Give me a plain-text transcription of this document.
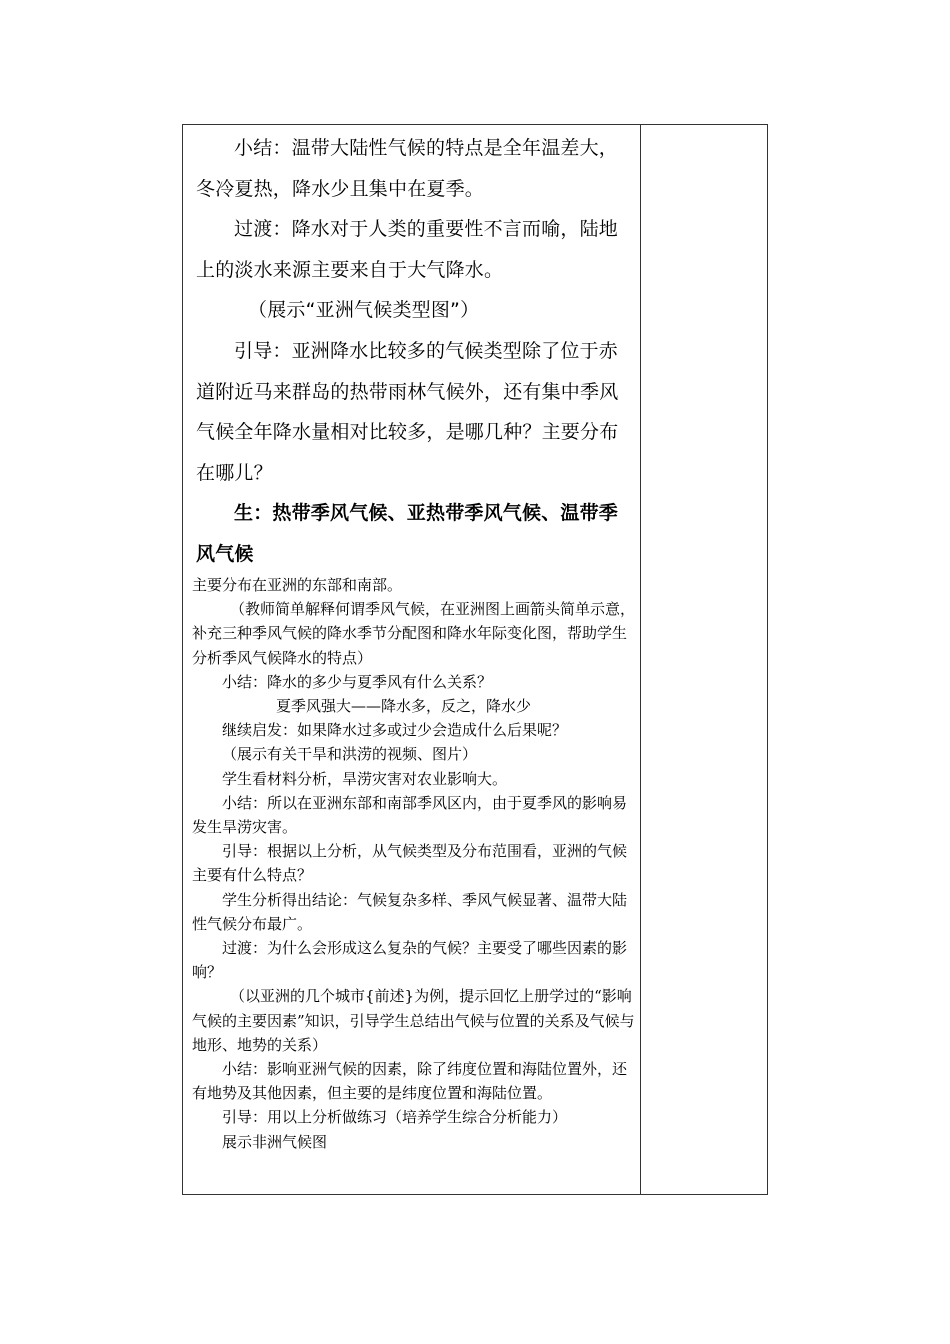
小结：温带大陆性气候的特点是全年温差大，冬冷夏热，降水少且集中在夏季。

过渡：降水对于人类的重要性不言而喻，陆地上的淡水来源主要来自于大气降水。

（展示“亚洲气候类型图”）

引导：亚洲降水比较多的气候类型除了位于赤道附近马来群岛的热带雨林气候外，还有集中季风气候全年降水量相对比较多，是哪几种？主要分布在哪儿？

生：热带季风气候、亚热带季风气候、温带季风气候

主要分布在亚洲的东部和南部。

（教师简单解释何谓季风气候，在亚洲图上画箭头简单示意，补充三种季风气候的降水季节分配图和降水年际变化图，帮助学生分析季风气候降水的特点）

小结：降水的多少与夏季风有什么关系？

夏季风强大——降水多，反之，降水少

继续启发：如果降水过多或过少会造成什么后果呢？

（展示有关干旱和洪涝的视频、图片）

学生看材料分析，旱涝灾害对农业影响大。

小结：所以在亚洲东部和南部季风区内，由于夏季风的影响易发生旱涝灾害。

引导：根据以上分析，从气候类型及分布范围看，亚洲的气候主要有什么特点？

学生分析得出结论：气候复杂多样、季风气候显著、温带大陆性气候分布最广。

过渡：为什么会形成这么复杂的气候？主要受了哪些因素的影响？

（以亚洲的几个城市{前述}为例，提示回忆上册学过的“影响气候的主要因素”知识，引导学生总结出气候与位置的关系及气候与地形、地势的关系）

小结：影响亚洲气候的因素，除了纬度位置和海陆位置外，还有地势及其他因素，但主要的是纬度位置和海陆位置。

引导：用以上分析做练习（培养学生综合分析能力）

展示非洲气候图
